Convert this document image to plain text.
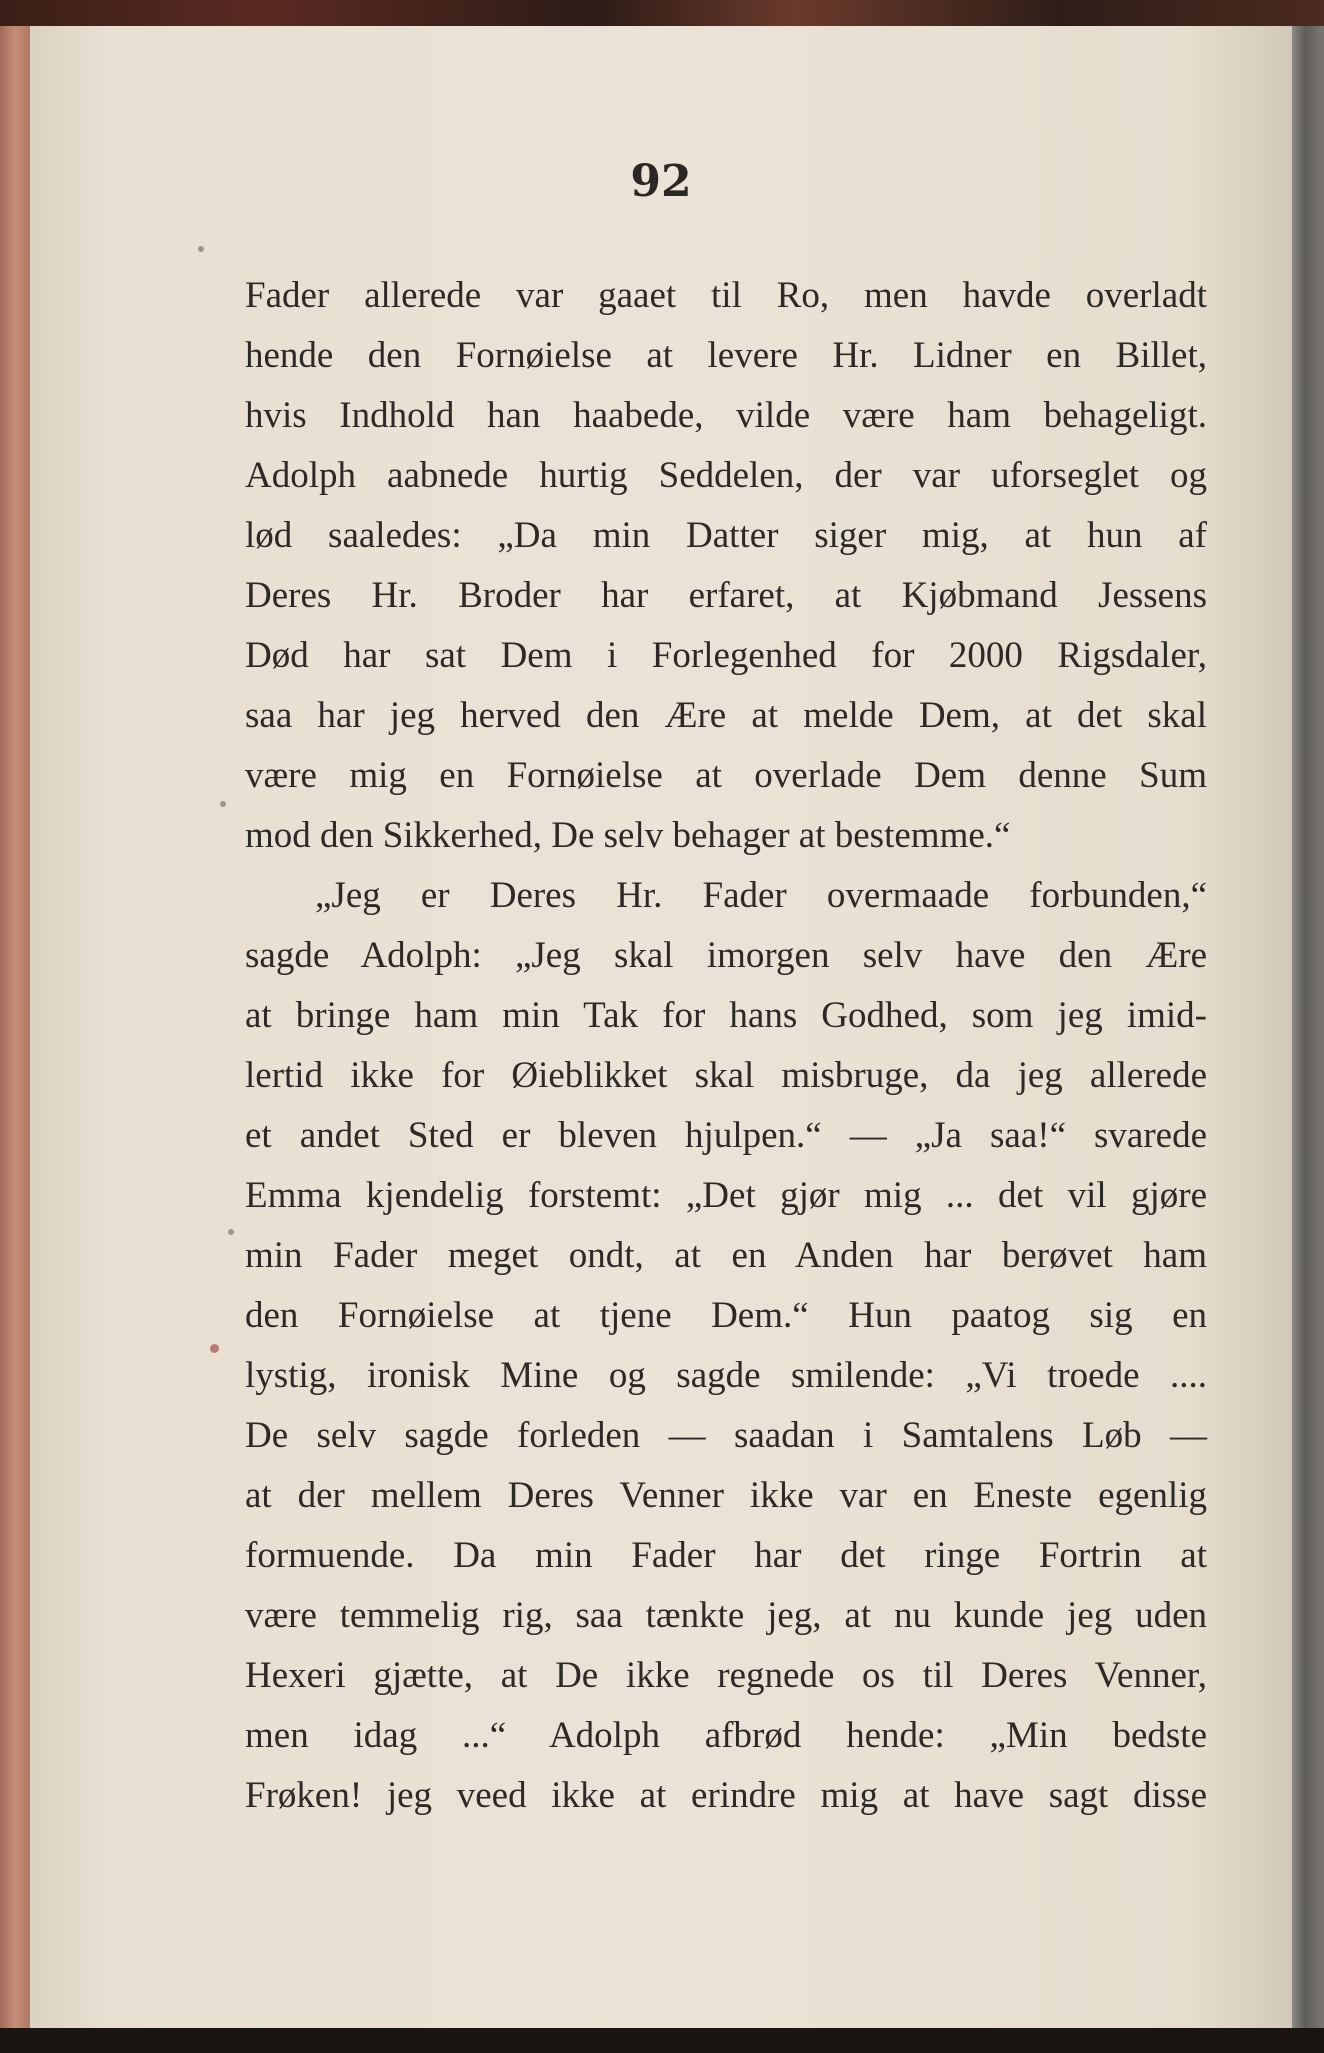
92

Fader allerede var gaaet til Ro, men havde overladt
hende den Fornøielse at levere Hr. Lidner en Billet,
hvis Indhold han haabede, vilde være ham behageligt.
Adolph aabnede hurtig Seddelen, der var uforseglet og
lød saaledes: „Da min Datter siger mig, at hun af
Deres Hr. Broder har erfaret, at Kjøbmand Jessens
Død har sat Dem i Forlegenhed for 2000 Rigsdaler,
saa har jeg herved den Ære at melde Dem, at det skal
være mig en Fornøielse at overlade Dem denne Sum
mod den Sikkerhed, De selv behager at bestemme.“
„Jeg er Deres Hr. Fader overmaade forbunden,“
sagde Adolph: „Jeg skal imorgen selv have den Ære
at bringe ham min Tak for hans Godhed, som jeg imid-
lertid ikke for Øieblikket skal misbruge, da jeg allerede
et andet Sted er bleven hjulpen.“ — „Ja saa!“ svarede
Emma kjendelig forstemt: „Det gjør mig ... det vil gjøre
min Fader meget ondt, at en Anden har berøvet ham
den Fornøielse at tjene Dem.“ Hun paatog sig en
lystig, ironisk Mine og sagde smilende: „Vi troede ....
De selv sagde forleden — saadan i Samtalens Løb —
at der mellem Deres Venner ikke var en Eneste egenlig
formuende. Da min Fader har det ringe Fortrin at
være temmelig rig, saa tænkte jeg, at nu kunde jeg uden
Hexeri gjætte, at De ikke regnede os til Deres Venner,
men idag ...“ Adolph afbrød hende: „Min bedste
Frøken! jeg veed ikke at erindre mig at have sagt disse
